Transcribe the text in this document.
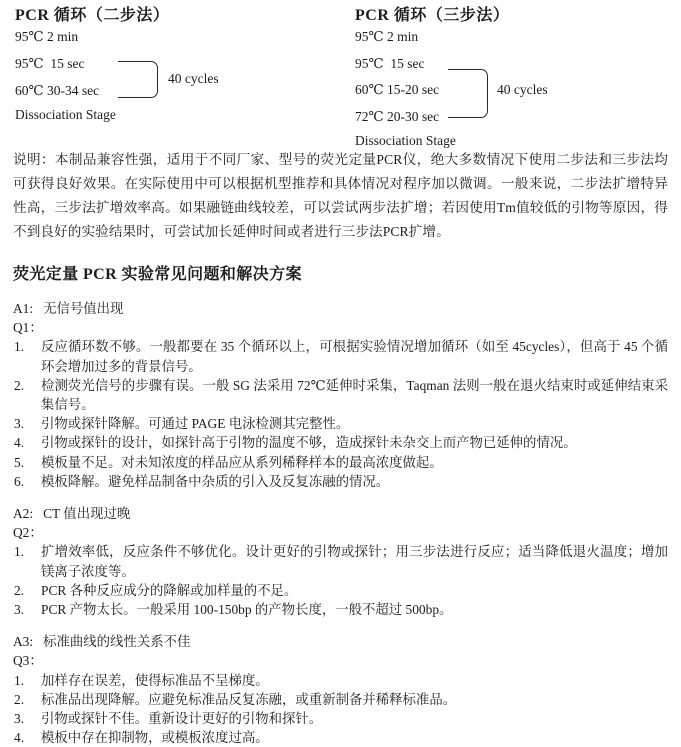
PCR 循环（二步法）
95℃ 2 min
95℃  15 sec
60℃ 30-34 sec
Dissociation Stage
40 cycles
PCR 循环（三步法）
95℃ 2 min
95℃  15 sec
60℃ 15-20 sec
72℃ 20-30 sec
Dissociation Stage
40 cycles
说明：本制品兼容性强，适用于不同厂家、型号的荧光定量PCR仪，绝大多数情况下使用二步法和三步法均可获得良好效果。在实际使用中可以根据机型推荐和具体情况对程序加以微调。一般来说，二步法扩增特异性高，三步法扩增效率高。如果融链曲线较差，可以尝试两步法扩增；若因使用Tm值较低的引物等原因，得不到良好的实验结果时，可尝试加长延伸时间或者进行三步法PCR扩增。
荧光定量 PCR 实验常见问题和解决方案
A1: 无信号值出现
Q1：
1. 反应循环数不够。一般都要在 35 个循环以上，可根据实验情况增加循环（如至 45cycles），但高于 45 个循环会增加过多的背景信号。
2. 检测荧光信号的步骤有误。一般 SG 法采用 72℃延伸时采集，Taqman 法则一般在退火结束时或延伸结束采集信号。
3. 引物或探针降解。可通过 PAGE 电泳检测其完整性。
4. 引物或探针的设计，如探针高于引物的温度不够，造成探针未杂交上而产物已延伸的情况。
5. 模板量不足。对未知浓度的样品应从系列稀释样本的最高浓度做起。
6. 模板降解。避免样品制备中杂质的引入及反复冻融的情况。
A2: CT 值出现过晚
Q2：
1. 扩增效率低，反应条件不够优化。设计更好的引物或探针；用三步法进行反应；适当降低退火温度；增加镁离子浓度等。
2. PCR 各种反应成分的降解或加样量的不足。
3. PCR 产物太长。一般采用 100-150bp 的产物长度，一般不超过 500bp。
A3: 标准曲线的线性关系不佳
Q3：
1. 加样存在误差，使得标准品不呈梯度。
2. 标准品出现降解。应避免标准品反复冻融，或重新制备并稀释标准品。
3. 引物或探针不佳。重新设计更好的引物和探针。
4. 模板中存在抑制物，或模板浓度过高。
